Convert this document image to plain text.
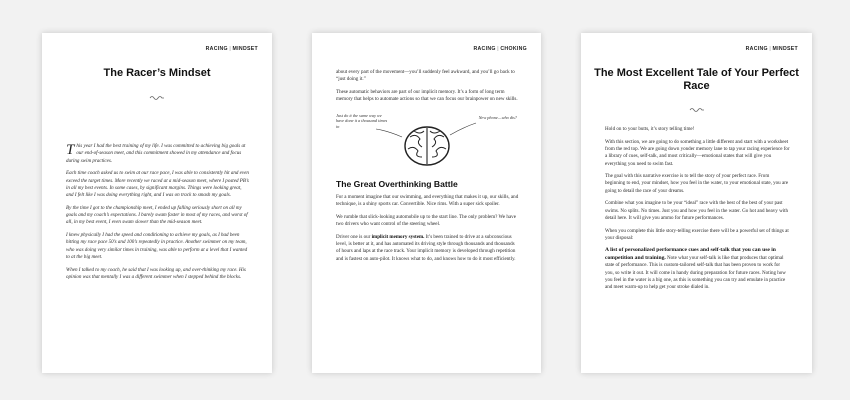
RACING | MINDSET
The Racer’s Mindset

This year I had the best training of my life. I was committed to achieving big goals at our end-of-season meet, and this commitment showed in my attendance and focus during swim practices.

Each time coach asked us to swim at our race pace, I was able to consistently hit and even exceed the target times. More recently we raced at a mid-season meet, where I posted PB’s in all my best events. In some cases, by significant margins. Things were looking great, and I felt like I was doing everything right, and I was on track to smash my goals.

By the time I got to the championship meet, I ended up falling seriously short on all my goals and my coach’s expectations. I barely swam faster in most of my races, and worst of all, in my best event, I even swam slower than the mid-season meet.

I knew physically I had the speed and conditioning to achieve my goals, as I had been hitting my race pace 50’s and 100’s repeatedly in practice. Another swimmer on my team, who was doing very similar times in training, was able to perform at a level that I wanted to at the big meet.

When I talked to my coach, he said that I was looking up, and over-thinking my race. His opinion was that mentally I was a different swimmer when I stepped behind the blocks.

RACING | CHOKING

about every part of the movement—you’ll suddenly feel awkward, and you’ll go back to “just doing it.”

These automatic behaviors are part of our implicit memory. It’s a form of long term memory that helps to automate actions so that we can focus our brainpower on new skills.

Just do it the same way we have done it a thousand times in
New phone—who dis?
The Great Overthinking Battle

For a moment imagine that our swimming, and everything that makes it up, our skills, and technique, is a shiny sports car. Convertible. Nice rims. With a super sick spoiler.

We rumble that slick-looking automobile up to the start line. The only problem? We have two drivers who want control of the steering wheel.

Driver one is our implicit memory system. It’s been trained to drive at a subconscious level, is better at it, and has automated its driving style through thousands and thousands of hours and laps at the race track. Your implicit memory is developed through repetition and is fastest on auto-pilot. It knows what to do, and knows how to do it most efficiently.

RACING | MINDSET
The Most Excellent Tale of Your Perfect Race

Hold on to your butts, it’s story telling time!

With this section, we are going to do something a little different and start with a worksheet from the red top. We are going down yonder memory lane to tap your racing experience for a library of cues, self-talk, and most critically—emotional states that will give you everything you need to swim fast.

The goal with this narrative exercise is to tell the story of your perfect race. From beginning to end, your mindset, how you feel in the water, to your emotional state, you are going to detail the race of your dreams.

Combine what you imagine to be your “ideal” race with the best of the best of your past swims. No splits. No times. Just you and how you feel in the water. Go hot and heavy with detail here. It will give you ammo for future performances.

When you complete this little story-telling exercise there will be a powerful set of things at your disposal:

A list of personalized performance cues and self-talk that you can use in competition and training. Note what your self-talk is like that produces that optimal state of performance. This is custom-tailored self-talk that has been proven to work for you, so write it out. It will come in handy during preparation for future races. Noting how you feel in the water is a big one, as this is something you can try and emulate in practice and meet warm-up to help get your stroke dialed in.
